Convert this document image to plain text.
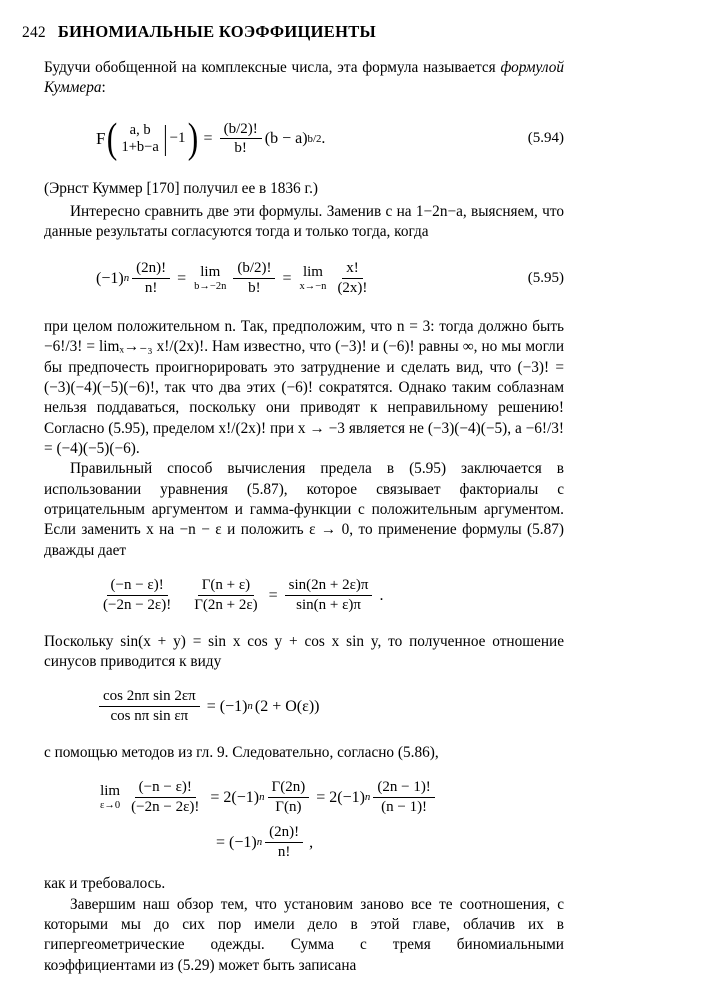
242 БИНОМИАЛЬНЫЕ КОЭФФИЦИЕНТЫ

Будучи обобщенной на комплексные числа, эта формула называется формулой Куммера:

F ( a, b
1+b−a | −1 ) = $\frac{(b/2)!}{b!} (b - a)$ b/2 .	(5.94)

(Эрнст Куммер [170] получил ее в 1836 г.)

Интересно сравнить две эти формулы. Заменив c на 1−2n−a, выясняем, что данные результаты согласуются тогда и только тогда, когда

(−1) n $\frac{(2n)!}{n!} = \lim$
$b\to-2n \frac{(b/2)!}{b!} = \lim$
$x\to-n \frac{x!}{(2x)!}$	(5.95)

при целом положительном n. Так, предположим, что n = 3: тогда должно быть −6!/3! = limₓ→₋₃ x!/(2x)!. Нам известно, что (−3)! и (−6)! равны ∞, но мы могли бы предпочесть проигнорировать это затруднение и сделать вид, что (−3)! = (−3)(−4)(−5)(−6)!, так что два этих (−6)! сократятся. Однако таким соблазнам нельзя поддаваться, поскольку они приводят к неправильному решению! Согласно (5.95), пределом x!/(2x)! при x → −3 является не (−3)(−4)(−5), а −6!/3! = (−4)(−5)(−6).

Правильный способ вычисления предела в (5.95) заключается в использовании уравнения (5.87), которое связывает факториалы с отрицательным аргументом и гамма-функции с положительным аргументом. Если заменить x на −n − ε и положить ε → 0, то применение формулы (5.87) дважды дает

$\frac{(-n - \varepsilon)!}{(-2n - 2\varepsilon)!} \frac{\Gamma(n + \varepsilon)}{\Gamma(2n + 2\varepsilon)} = \frac{\sin(2n + 2\varepsilon)\pi}{\sin(n + \varepsilon)\pi}$ .

Поскольку sin(x + y) = sin x cos y + cos x sin y, то полученное отношение синусов приводится к виду

$\frac{\text{cos 2nπ sin 2επ}}{\text{cos nπ sin επ}} = (-1)$ n (2 + O(ε))

с помощью методов из гл. 9. Следовательно, согласно (5.86),

lim
$\varepsilon\to 0 \frac{(-n - \varepsilon)!}{(-2n - 2\varepsilon)!} = 2(-1)$ n $\frac{\Gamma(2n)}{\Gamma(n)} = 2(-1)$ n $\frac{(2n - 1)!}{(n - 1)!}$
= (−1) n $\frac{(2n)!}{n!}$ ,

как и требовалось.

Завершим наш обзор тем, что установим заново все те соотношения, с которыми мы до сих пор имели дело в этой главе, облачив их в гипергеометрические одежды. Сумма с тремя биномиальными коэффициентами из (5.29) может быть записана
